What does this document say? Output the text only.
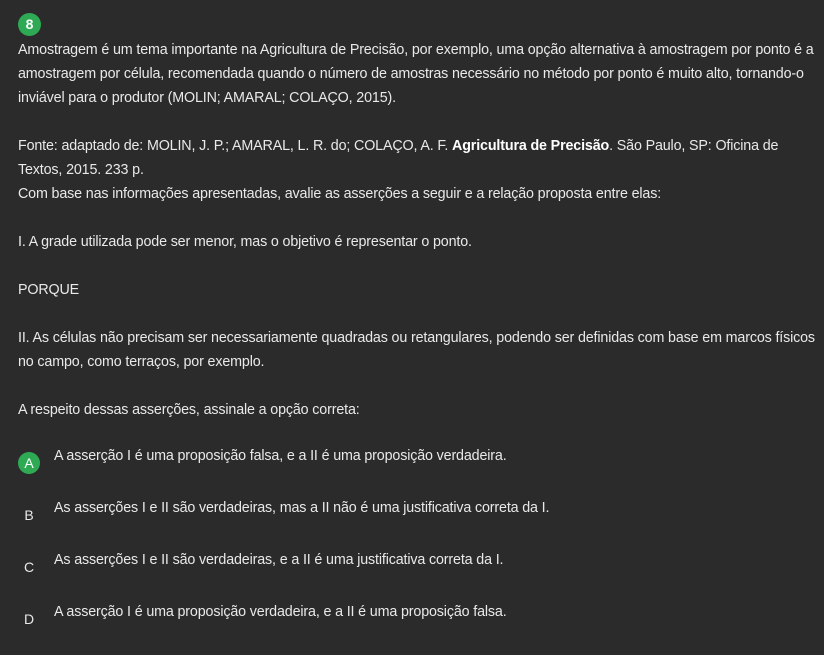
8

Amostragem é um tema importante na Agricultura de Precisão, por exemplo, uma opção alternativa à amostragem por ponto é a amostragem por célula, recomendada quando o número de amostras necessário no método por ponto é muito alto, tornando-o inviável para o produtor (MOLIN; AMARAL; COLAÇO, 2015).

Fonte: adaptado de: MOLIN, J. P.; AMARAL, L. R. do; COLAÇO, A. F. Agricultura de Precisão. São Paulo, SP: Oficina de Textos, 2015. 233 p.

Com base nas informações apresentadas, avalie as asserções a seguir e a relação proposta entre elas:

I. A grade utilizada pode ser menor, mas o objetivo é representar o ponto.

PORQUE

II. As células não precisam ser necessariamente quadradas ou retangulares, podendo ser definidas com base em marcos físicos no campo, como terraços, por exemplo.

A respeito dessas asserções, assinale a opção correta:

A	A asserção I é uma proposição falsa, e a II é uma proposição verdadeira.
B	As asserções I e II são verdadeiras, mas a II não é uma justificativa correta da I.
C	As asserções I e II são verdadeiras, e a II é uma justificativa correta da I.
D	A asserção I é uma proposição verdadeira, e a II é uma proposição falsa.
